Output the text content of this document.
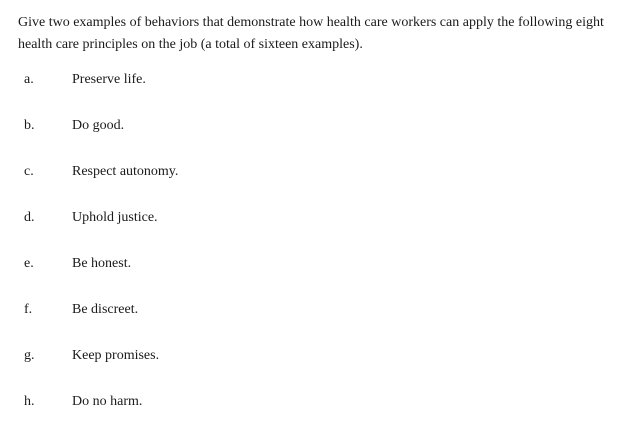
Give two examples of behaviors that demonstrate how health care workers can apply the following eight health care principles on the job (a total of sixteen examples).

a.	Preserve life.
b.	Do good.
c.	Respect autonomy.
d.	Uphold justice.
e.	Be honest.
f.	Be discreet.
g.	Keep promises.
h.	Do no harm.
